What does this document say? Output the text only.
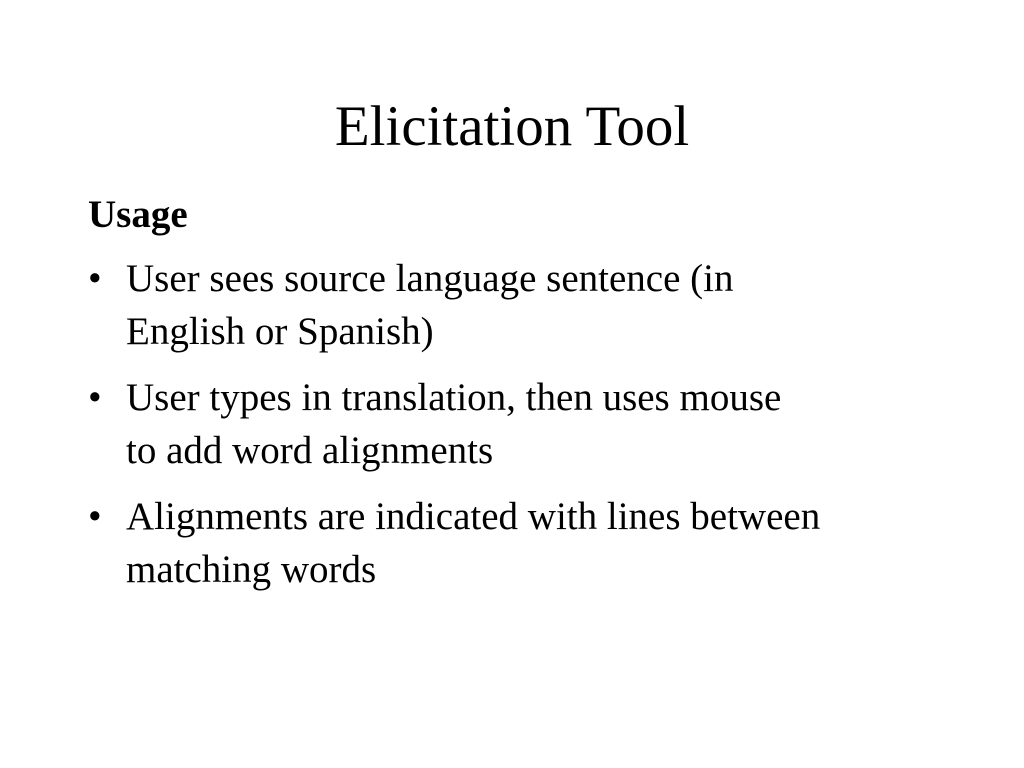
Elicitation Tool
Usage
• User sees source language sentence (in
English or Spanish)
• User types in translation, then uses mouse
to add word alignments
• Alignments are indicated with lines between
matching words
